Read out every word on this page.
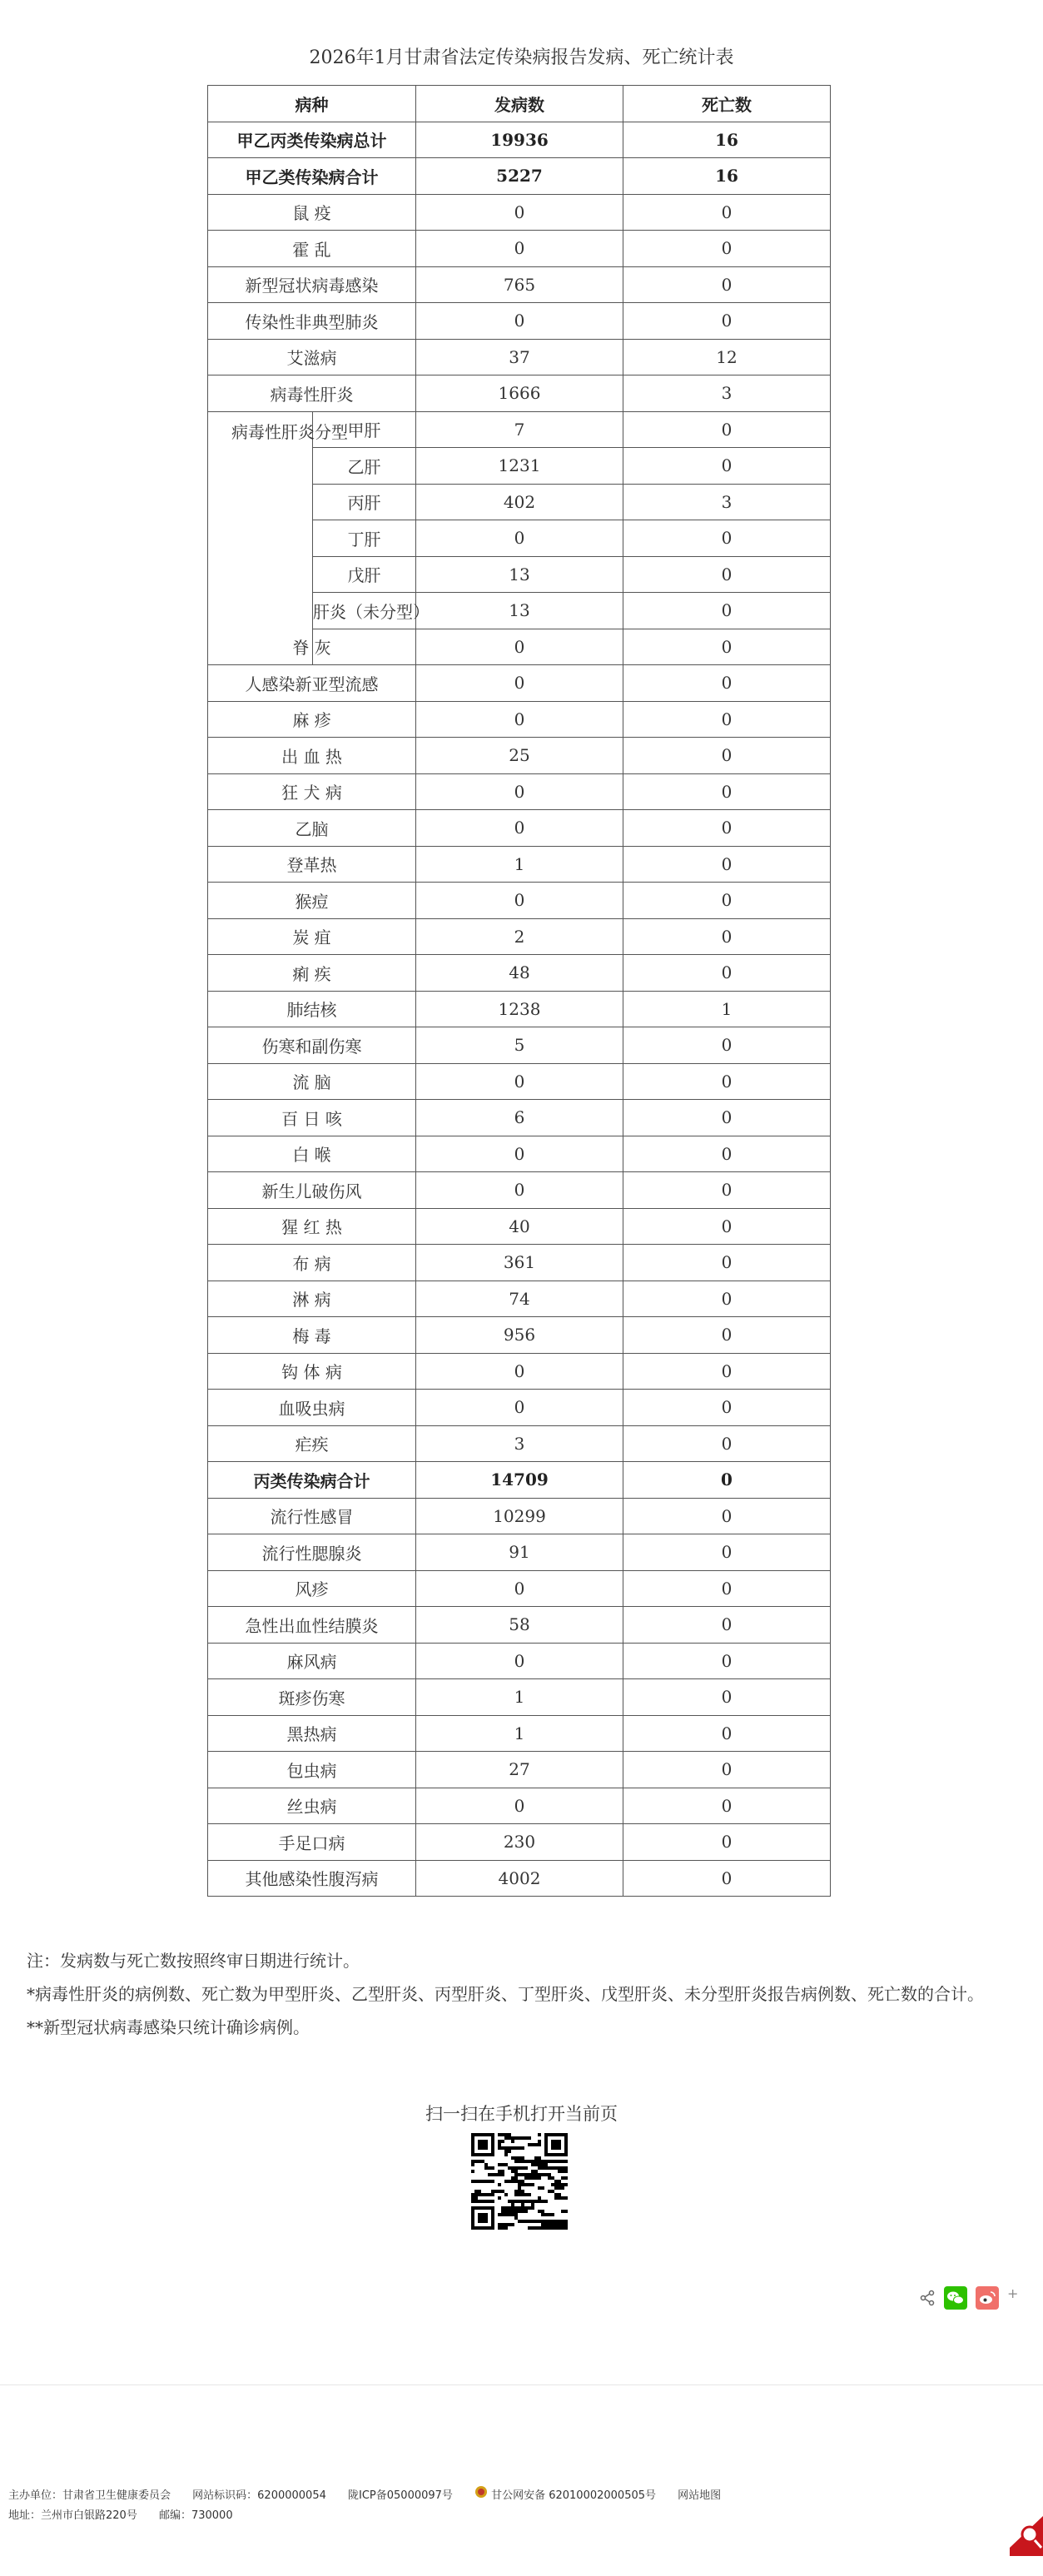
2026年1月甘肃省法定传染病报告发病、死亡统计表
病种		发病数	死亡数
甲乙丙类传染病总计		19936	16
甲乙类传染病合计		5227	16
鼠 疫		0	0
霍 乱		0	0
新型冠状病毒感染		765	0
传染性非典型肺炎		0	0
艾滋病		37	12
病毒性肝炎		1666	3
病毒性肝炎分型	甲肝	7	0
	乙肝	1231	0
	丙肝	402	3
	丁肝	0	0
	戊肝	13	0
	肝炎（未分型）	13	0
	脊 灰	0	0
人感染新亚型流感		0	0
麻 疹		0	0
出 血 热		25	0
狂 犬 病		0	0
乙脑		0	0
登革热		1	0
猴痘		0	0
炭 疽		2	0
痢 疾		48	0
肺结核		1238	1
伤寒和副伤寒		5	0
流 脑		0	0
百 日 咳		6	0
白 喉		0	0
新生儿破伤风		0	0
猩 红 热		40	0
布 病		361	0
淋 病		74	0
梅 毒		956	0
钩 体 病		0	0
血吸虫病		0	0
疟疾		3	0
丙类传染病合计		14709	0
流行性感冒		10299	0
流行性腮腺炎		91	0
风疹		0	0
急性出血性结膜炎		58	0
麻风病		0	0
斑疹伤寒		1	0
黑热病		1	0
包虫病		27	0
丝虫病		0	0
手足口病		230	0
其他感染性腹泻病		4002	0

注：发病数与死亡数按照终审日期进行统计。

*病毒性肝炎的病例数、死亡数为甲型肝炎、乙型肝炎、丙型肝炎、丁型肝炎、戊型肝炎、未分型肝炎报告病例数、死亡数的合计。

**新型冠状病毒感染只统计确诊病例。

扫一扫在手机打开当前页
+
主办单位：甘肃省卫生健康委员会 网站标识码：6200000054 陇ICP备05000097号	甘公网安备 62010002000505号 网站地图
地址：兰州市白银路220号 邮编：730000
